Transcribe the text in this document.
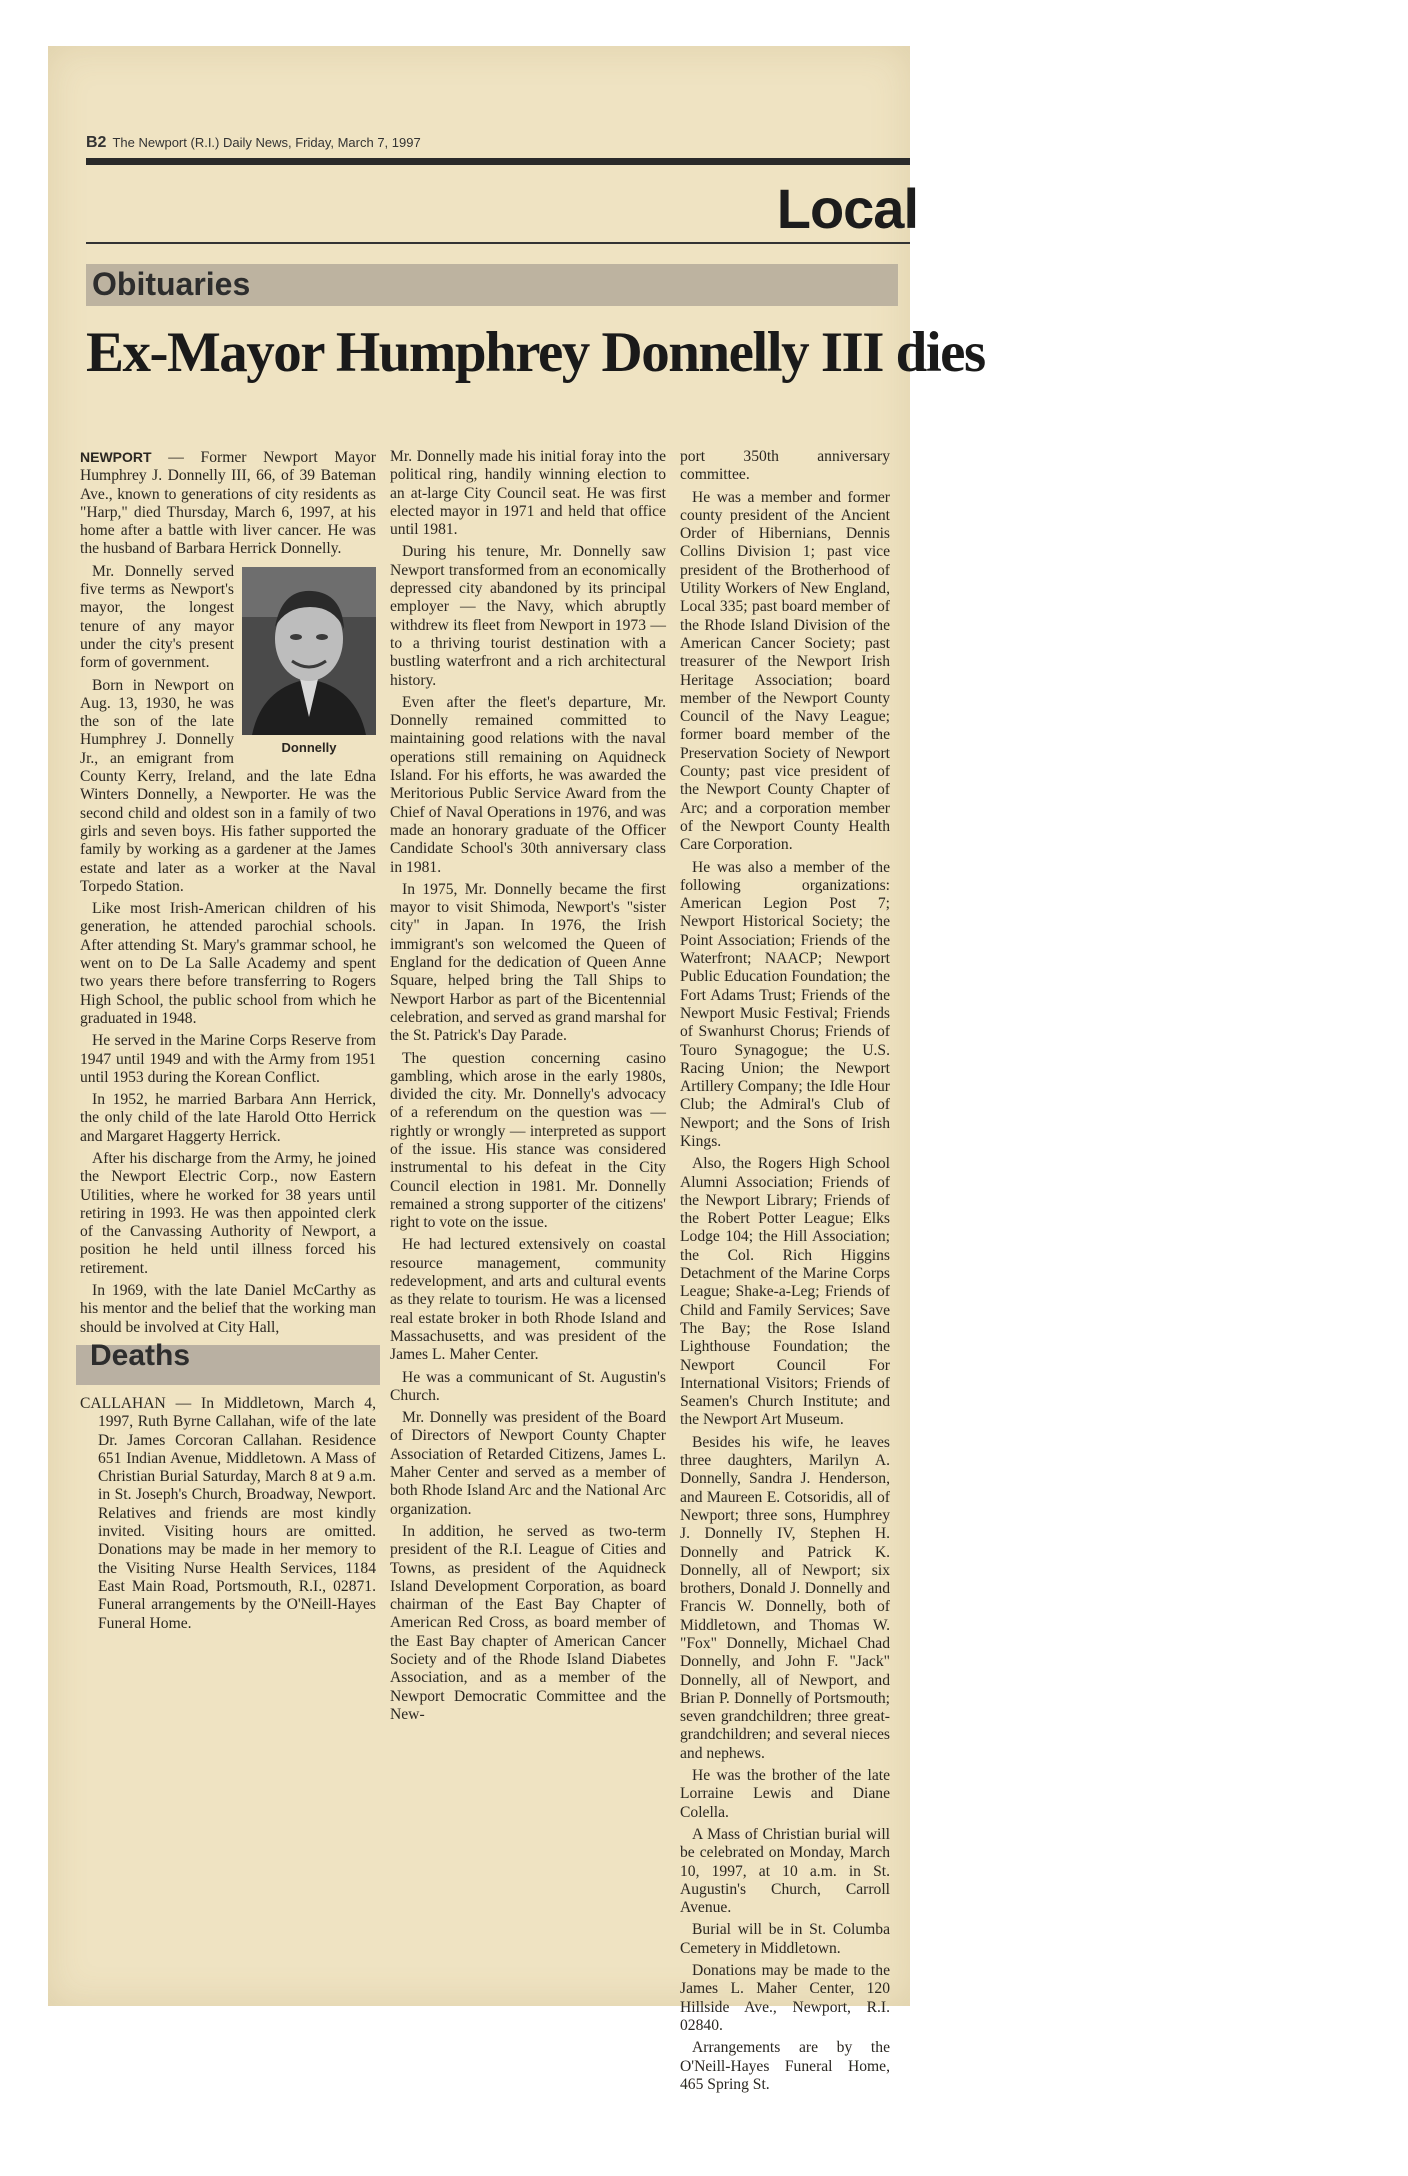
B2 The Newport (R.I.) Daily News, Friday, March 7, 1997
Local
Obituaries
Ex-Mayor Humphrey Donnelly III dies

NEWPORT — Former Newport Mayor Humphrey J. Donnelly III, 66, of 39 Bateman Ave., known to generations of city residents as "Harp," died Thursday, March 6, 1997, at his home after a battle with liver cancer. He was the husband of Barbara Herrick Donnelly.

Donnelly

Mr. Donnelly served five terms as Newport's mayor, the longest tenure of any mayor under the city's present form of government.

Born in Newport on Aug. 13, 1930, he was the son of the late Humphrey J. Donnelly Jr., an emigrant from County Kerry, Ireland, and the late Edna Winters Donnelly, a Newporter. He was the second child and oldest son in a family of two girls and seven boys. His father supported the family by working as a gardener at the James estate and later as a worker at the Naval Torpedo Station.

Like most Irish-American children of his generation, he attended parochial schools. After attending St. Mary's grammar school, he went on to De La Salle Academy and spent two years there before transferring to Rogers High School, the public school from which he graduated in 1948.

He served in the Marine Corps Reserve from 1947 until 1949 and with the Army from 1951 until 1953 during the Korean Conflict.

In 1952, he married Barbara Ann Herrick, the only child of the late Harold Otto Herrick and Margaret Haggerty Herrick.

After his discharge from the Army, he joined the Newport Electric Corp., now Eastern Utilities, where he worked for 38 years until retiring in 1993. He was then appointed clerk of the Canvassing Authority of Newport, a position he held until illness forced his retirement.

In 1969, with the late Daniel McCarthy as his mentor and the belief that the working man should be involved at City Hall,

Deaths

CALLAHAN — In Middletown, March 4, 1997, Ruth Byrne Callahan, wife of the late Dr. James Corcoran Callahan. Residence 651 Indian Avenue, Middletown. A Mass of Christian Burial Saturday, March 8 at 9 a.m. in St. Joseph's Church, Broadway, Newport. Relatives and friends are most kindly invited. Visiting hours are omitted. Donations may be made in her memory to the Visiting Nurse Health Services, 1184 East Main Road, Portsmouth, R.I., 02871. Funeral arrangements by the O'Neill-Hayes Funeral Home.

Mr. Donnelly made his initial foray into the political ring, handily winning election to an at-large City Council seat. He was first elected mayor in 1971 and held that office until 1981.

During his tenure, Mr. Donnelly saw Newport transformed from an economically depressed city abandoned by its principal employer — the Navy, which abruptly withdrew its fleet from Newport in 1973 — to a thriving tourist destination with a bustling waterfront and a rich architectural history.

Even after the fleet's departure, Mr. Donnelly remained committed to maintaining good relations with the naval operations still remaining on Aquidneck Island. For his efforts, he was awarded the Meritorious Public Service Award from the Chief of Naval Operations in 1976, and was made an honorary graduate of the Officer Candidate School's 30th anniversary class in 1981.

In 1975, Mr. Donnelly became the first mayor to visit Shimoda, Newport's "sister city" in Japan. In 1976, the Irish immigrant's son welcomed the Queen of England for the dedication of Queen Anne Square, helped bring the Tall Ships to Newport Harbor as part of the Bicentennial celebration, and served as grand marshal for the St. Patrick's Day Parade.

The question concerning casino gambling, which arose in the early 1980s, divided the city. Mr. Donnelly's advocacy of a referendum on the question was — rightly or wrongly — interpreted as support of the issue. His stance was considered instrumental to his defeat in the City Council election in 1981. Mr. Donnelly remained a strong supporter of the citizens' right to vote on the issue.

He had lectured extensively on coastal resource management, community redevelopment, and arts and cultural events as they relate to tourism. He was a licensed real estate broker in both Rhode Island and Massachusetts, and was president of the James L. Maher Center.

He was a communicant of St. Augustin's Church.

Mr. Donnelly was president of the Board of Directors of Newport County Chapter Association of Retarded Citizens, James L. Maher Center and served as a member of both Rhode Island Arc and the National Arc organization.

In addition, he served as two-term president of the R.I. League of Cities and Towns, as president of the Aquidneck Island Development Corporation, as board chairman of the East Bay Chapter of American Red Cross, as board member of the East Bay chapter of American Cancer Society and of the Rhode Island Diabetes Association, and as a member of the Newport Democratic Committee and the New-

port 350th anniversary committee.

He was a member and former county president of the Ancient Order of Hibernians, Dennis Collins Division 1; past vice president of the Brotherhood of Utility Workers of New England, Local 335; past board member of the Rhode Island Division of the American Cancer Society; past treasurer of the Newport Irish Heritage Association; board member of the Newport County Council of the Navy League; former board member of the Preservation Society of Newport County; past vice president of the Newport County Chapter of Arc; and a corporation member of the Newport County Health Care Corporation.

He was also a member of the following organizations: American Legion Post 7; Newport Historical Society; the Point Association; Friends of the Waterfront; NAACP; Newport Public Education Foundation; the Fort Adams Trust; Friends of the Newport Music Festival; Friends of Swanhurst Chorus; Friends of Touro Synagogue; the U.S. Racing Union; the Newport Artillery Company; the Idle Hour Club; the Admiral's Club of Newport; and the Sons of Irish Kings.

Also, the Rogers High School Alumni Association; Friends of the Newport Library; Friends of the Robert Potter League; Elks Lodge 104; the Hill Association; the Col. Rich Higgins Detachment of the Marine Corps League; Shake-a-Leg; Friends of Child and Family Services; Save The Bay; the Rose Island Lighthouse Foundation; the Newport Council For International Visitors; Friends of Seamen's Church Institute; and the Newport Art Museum.

Besides his wife, he leaves three daughters, Marilyn A. Donnelly, Sandra J. Henderson, and Maureen E. Cotsoridis, all of Newport; three sons, Humphrey J. Donnelly IV, Stephen H. Donnelly and Patrick K. Donnelly, all of Newport; six brothers, Donald J. Donnelly and Francis W. Donnelly, both of Middletown, and Thomas W. "Fox" Donnelly, Michael Chad Donnelly, and John F. "Jack" Donnelly, all of Newport, and Brian P. Donnelly of Portsmouth; seven grandchildren; three great-grandchildren; and several nieces and nephews.

He was the brother of the late Lorraine Lewis and Diane Colella.

A Mass of Christian burial will be celebrated on Monday, March 10, 1997, at 10 a.m. in St. Augustin's Church, Carroll Avenue.

Burial will be in St. Columba Cemetery in Middletown.

Donations may be made to the James L. Maher Center, 120 Hillside Ave., Newport, R.I. 02840.

Arrangements are by the O'Neill-Hayes Funeral Home, 465 Spring St.
